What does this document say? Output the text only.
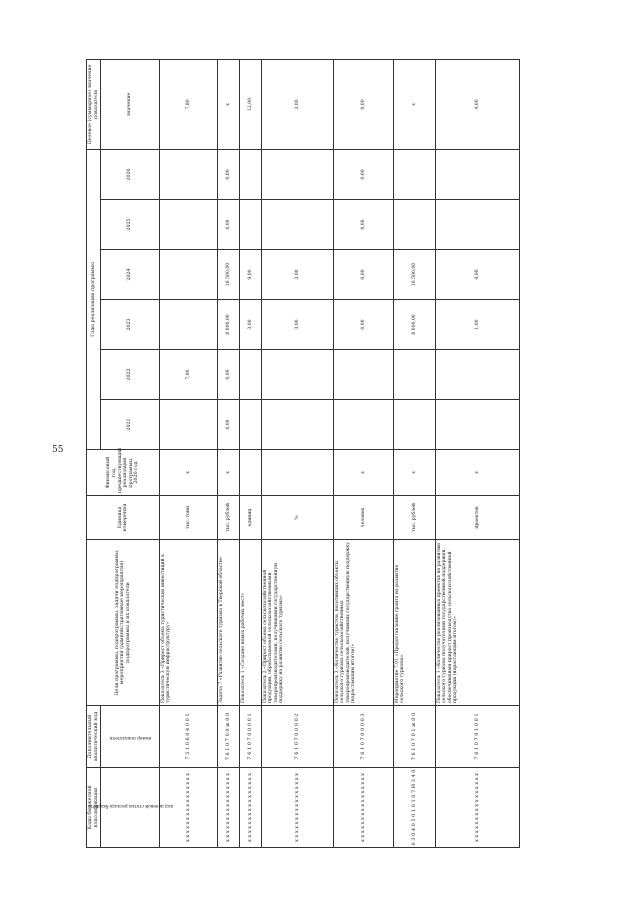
55
Коды бюджетной классификации	Дополнительный аналитический код	Цели программы, подпрограммы, задачи подпрограммы, мероприятия (административные мероприятия) подпрограммы и их показатели	Единица измерения	Финансовый год, предшествующий реализации программы, 2020 год	Годы реализации программы						Целевое (суммарное) значение показателя
код целевой статьи расхода бюджета	номер показателя				2021	2022	2023	2024	2025	2026	
											значение
x x x x x x x x x x x x x x x x	7 5 1 0 6 0 4 0 0 1	Показатель 3 «Прирост объема туристических инвестиций в туристическую инфраструктуру»	тыс. тонн	x		7,80					7,80
x x x x x x x x x x x x x x x x	7 6 1 0 7 0 0 ж 0 0	Задача 7 «Развитие сельского туризма в Тверской области»	тыс. рублей	x	0,00	0,00	8 000,00	16 500,00	0,00	0,00	x
x x x x x x x x x x x x x x x x	7 6 1 0 7 0 0 0 0 1	Показатель 1 «Создано новых рабочих мест»	единиц				3,00	9,00			12,00
x x x x x x x x x x x x x x x x	7 6 1 0 7 0 0 0 0 2	Показатель 2 «Прирост объема сельскохозяйственной продукции, обрабатываемой сельскохозяйственными товаропроизводителями, получившими государственную поддержку на развитие сельского туризма»	%				3,00	3,00			3,00
x x x x x x x x x x x x x x x x	7 6 1 0 7 0 0 0 0 3	Показатель 3 «Количество туристов, посетивших объекты сельского туризма сельскохозяйственных товаропроизводителей, получивших государственную поддержку (нарастающим итогом)»	человек	x			0,00	0,00	0,00	0,00	0,00
0 3 0 4 0 5 0 1 6 1 0 7 И 3 4 0	7 6 1 0 7 0 1 ж 0 0	Мероприятие 7.01 «Предоставление гранта на развитие сельского туризма»	тыс. рублей	x			8 000,00	16 500,00			x
x x x x x x x x x x x x x x x x	7 6 1 0 7 0 1 0 0 1	Показатель 1 «Количество реализованных проектов по развитию сельского туризма получателями государственной поддержки, обеспечившими прирост производства сельскохозяйственной продукции (нарастающим итогом)»	проектов	x			1,00	4,00			4,00
